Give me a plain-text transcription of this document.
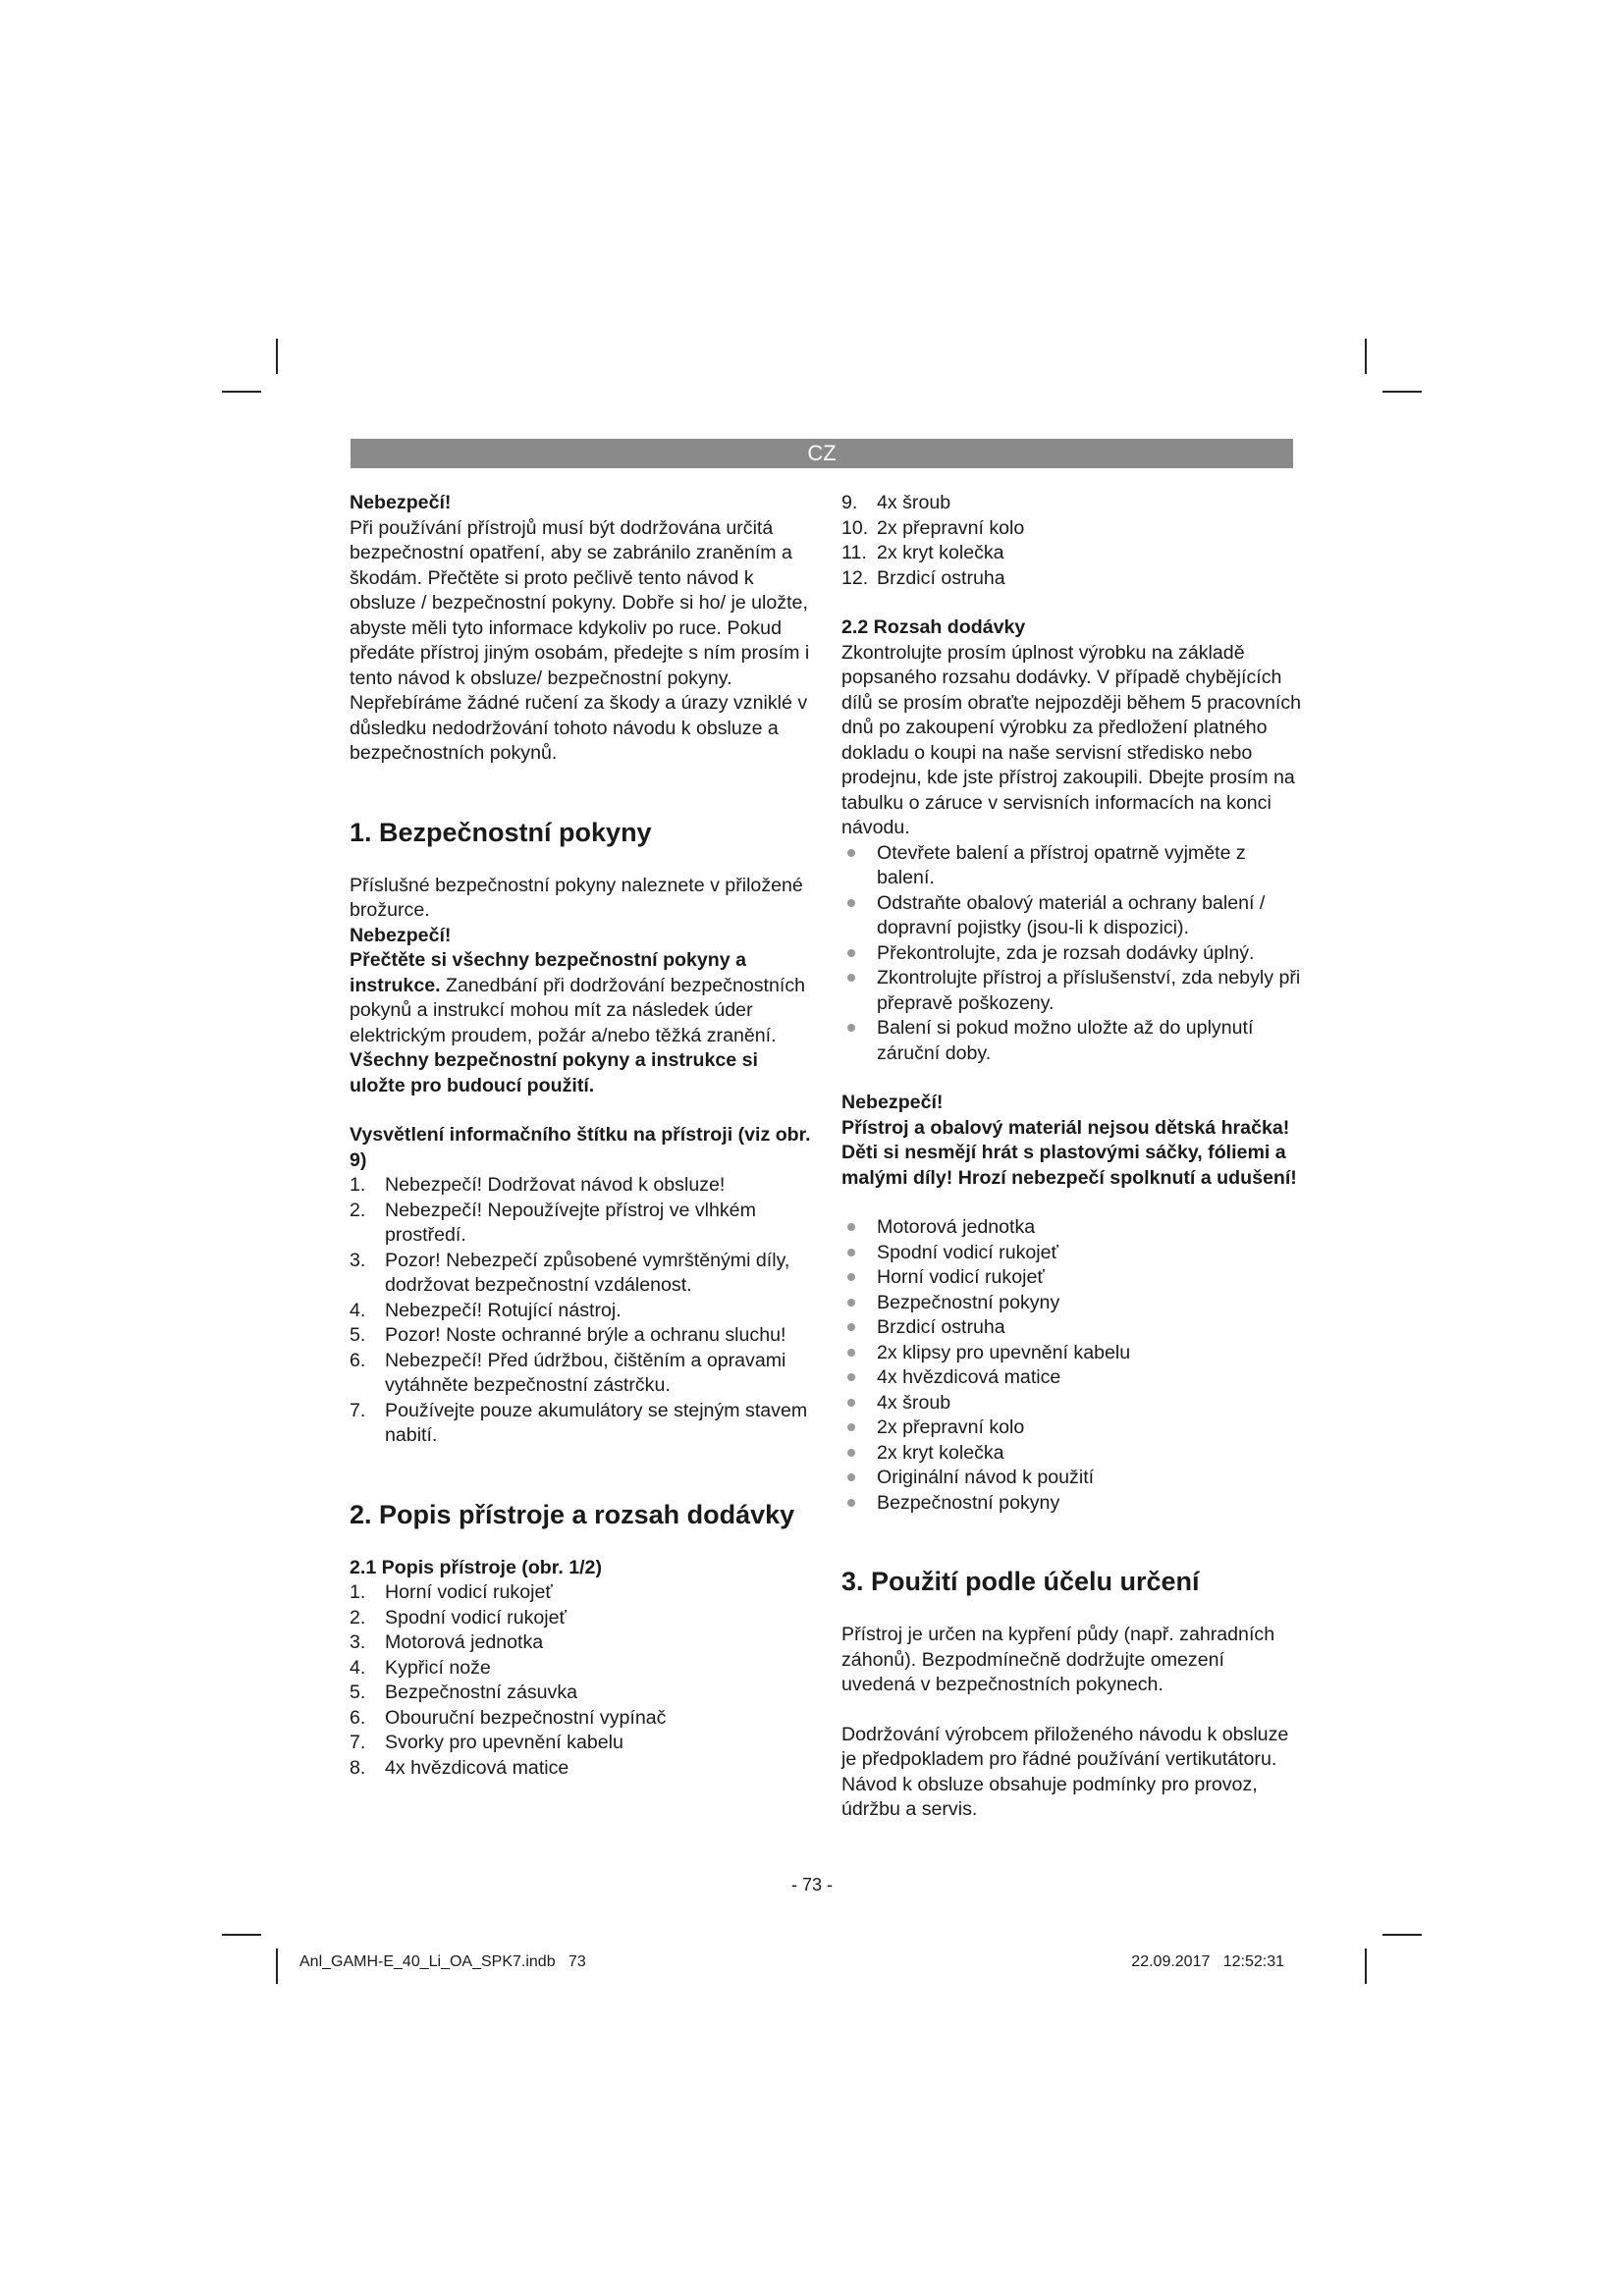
CZ

Nebezpečí!

Při používání přístrojů musí být dodržována určitá bezpečnostní opatření, aby se zabránilo zraněním a škodám. Přečtěte si proto pečlivě tento návod k obsluze / bezpečnostní pokyny. Dobře si ho/ je uložte, abyste měli tyto informace kdykoliv po ruce. Pokud předáte přístroj jiným osobám, předejte s ním prosím i tento návod k obsluze/ bezpečnostní pokyny. Nepřebíráme žádné ručení za škody a úrazy vzniklé v důsledku nedodržování tohoto návodu k obsluze a bezpečnostních pokynů.

1. Bezpečnostní pokyny

Příslušné bezpečnostní pokyny naleznete v přiložené brožurce.

Nebezpečí!

Přečtěte si všechny bezpečnostní pokyny a instrukce. Zanedbání při dodržování bezpečnostních pokynů a instrukcí mohou mít za následek úder elektrickým proudem, požár a/nebo těžká zranění. Všechny bezpečnostní pokyny a instrukce si uložte pro budoucí použití.

Vysvětlení informačního štítku na přístroji (viz obr. 9)

1. Nebezpečí! Dodržovat návod k obsluze!
2. Nebezpečí! Nepoužívejte přístroj ve vlhkém prostředí.
3. Pozor! Nebezpečí způsobené vymrštěnými díly, dodržovat bezpečnostní vzdálenost.
4. Nebezpečí! Rotující nástroj.
5. Pozor! Noste ochranné brýle a ochranu sluchu!
6. Nebezpečí! Před údržbou, čištěním a opravami vytáhněte bezpečnostní zástrčku.
7. Používejte pouze akumulátory se stejným stavem nabití.
2. Popis přístroje a rozsah dodávky

2.1 Popis přístroje (obr. 1/2)

1. Horní vodicí rukojeť
2. Spodní vodicí rukojeť
3. Motorová jednotka
4. Kypřicí nože
5. Bezpečnostní zásuvka
6. Obouruční bezpečnostní vypínač
7. Svorky pro upevnění kabelu
8. 4x hvězdicová matice
9. 4x šroub
10. 2x přepravní kolo
11. 2x kryt kolečka
12. Brzdicí ostruha

2.2 Rozsah dodávky

Zkontrolujte prosím úplnost výrobku na základě popsaného rozsahu dodávky. V případě chybějících dílů se prosím obraťte nejpozději během 5 pracovních dnů po zakoupení výrobku za předložení platného dokladu o koupi na naše servisní středisko nebo prodejnu, kde jste přístroj zakoupili. Dbejte prosím na tabulku o záruce v servisních informacích na konci návodu.

Otevřete balení a přístroj opatrně vyjměte z balení.
Odstraňte obalový materiál a ochrany balení / dopravní pojistky (jsou-li k dispozici).
Překontrolujte, zda je rozsah dodávky úplný.
Zkontrolujte přístroj a příslušenství, zda nebyly při přepravě poškozeny.
Balení si pokud možno uložte až do uplynutí záruční doby.

Nebezpečí!

Přístroj a obalový materiál nejsou dětská hračka! Děti si nesmějí hrát s plastovými sáčky, fóliemi a malými díly! Hrozí nebezpečí spolknutí a udušení!

Motorová jednotka
Spodní vodicí rukojeť
Horní vodicí rukojeť
Bezpečnostní pokyny
Brzdicí ostruha
2x klipsy pro upevnění kabelu
4x hvězdicová matice
4x šroub
2x přepravní kolo
2x kryt kolečka
Originální návod k použití
Bezpečnostní pokyny
3. Použití podle účelu určení

Přístroj je určen na kypření půdy (např. zahradních záhonů). Bezpodmínečně dodržujte omezení uvedená v bezpečnostních pokynech.

Dodržování výrobcem přiloženého návodu k obsluze je předpokladem pro řádné používání vertikutátoru. Návod k obsluze obsahuje podmínky pro provoz, údržbu a servis.

- 73 -
Anl_GAMH-E_40_Li_OA_SPK7.indb   73	22.09.2017   12:52:31
